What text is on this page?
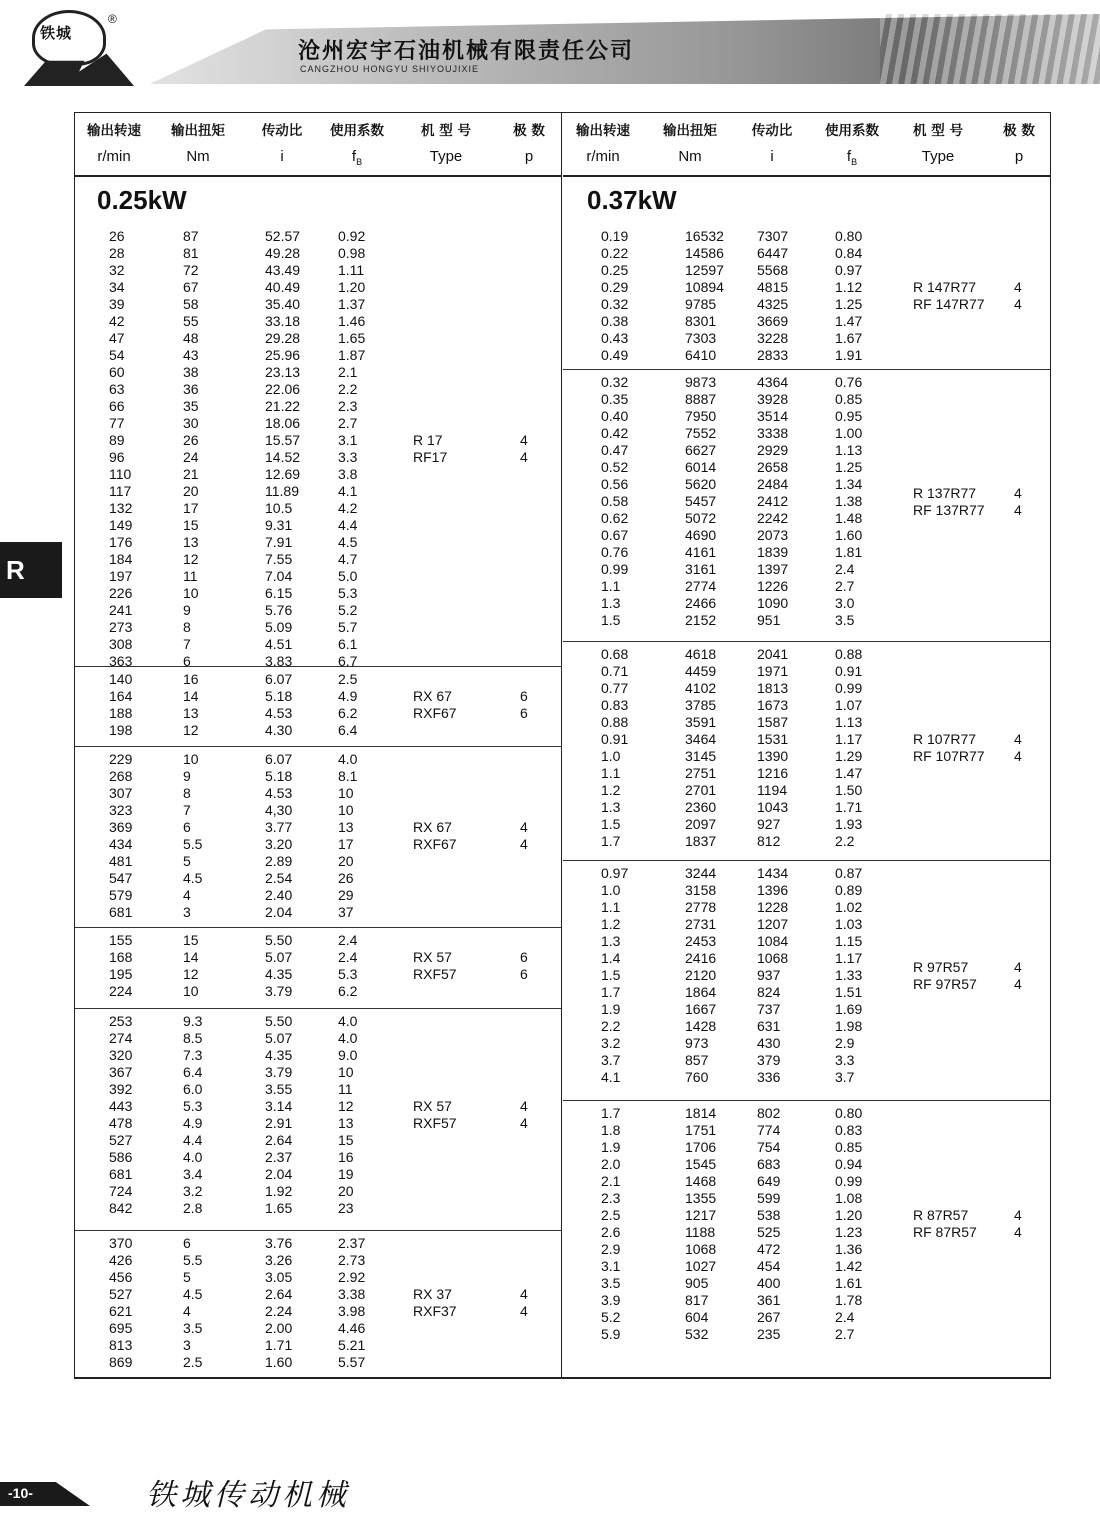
铁城
®
沧州宏宇石油机械有限责任公司
CANGZHOU HONGYU SHIYOUJIXIE
R
输出转速
r/min
输出扭矩
Nm
传动比
i
使用系数
$f_B$
机 型 号
Type
极 数
p
0.25kW
26	87	52.57	0.92
28	81	49.28	0.98
32	72	43.49	1.11
34	67	40.49	1.20
39	58	35.40	1.37
42	55	33.18	1.46
47	48	29.28	1.65
54	43	25.96	1.87
60	38	23.13	2.1
63	36	22.06	2.2
66	35	21.22	2.3
77	30	18.06	2.7
89	26	15.57	3.1
96	24	14.52	3.3
110	21	12.69	3.8
117	20	11.89	4.1
132	17	10.5	4.2
149	15	9.31	4.4
176	13	7.91	4.5
184	12	7.55	4.7
197	11	7.04	5.0
226	10	6.15	5.3
241	9	5.76	5.2
273	8	5.09	5.7
308	7	4.51	6.1
363	6	3.83	6.7
R 17
RF17
4
4
140	16	6.07	2.5
164	14	5.18	4.9
188	13	4.53	6.2
198	12	4.30	6.4
RX 67
RXF67
6
6
229	10	6.07	4.0
268	9	5.18	8.1
307	8	4.53	10
323	7	4,30	10
369	6	3.77	13
434	5.5	3.20	17
481	5	2.89	20
547	4.5	2.54	26
579	4	2.40	29
681	3	2.04	37
RX 67
RXF67
4
4
155	15	5.50	2.4
168	14	5.07	2.4
195	12	4.35	5.3
224	10	3.79	6.2
RX 57
RXF57
6
6
253	9.3	5.50	4.0
274	8.5	5.07	4.0
320	7.3	4.35	9.0
367	6.4	3.79	10
392	6.0	3.55	11
443	5.3	3.14	12
478	4.9	2.91	13
527	4.4	2.64	15
586	4.0	2.37	16
681	3.4	2.04	19
724	3.2	1.92	20
842	2.8	1.65	23
RX 57
RXF57
4
4
370	6	3.76	2.37
426	5.5	3.26	2.73
456	5	3.05	2.92
527	4.5	2.64	3.38
621	4	2.24	3.98
695	3.5	2.00	4.46
813	3	1.71	5.21
869	2.5	1.60	5.57
RX 37
RXF37
4
4
输出转速
r/min
输出扭矩
Nm
传动比
i
使用系数
$f_B$
机 型 号
Type
极 数
p
0.37kW
0.19	16532 7307	0.80
0.22	14586 6447	0.84
0.25	12597 5568	0.97
0.29	10894 4815	1.12
0.32	9785	4325	1.25
0.38	8301	3669	1.47
0.43	7303	3228	1.67
0.49	6410	2833	1.91
R 147R77
RF 147R77
4
4
0.32	9873	4364	0.76
0.35	8887	3928	0.85
0.40	7950	3514	0.95
0.42	7552	3338	1.00
0.47	6627	2929	1.13
0.52	6014	2658	1.25
0.56	5620	2484	1.34
0.58	5457	2412	1.38
0.62	5072	2242	1.48
0.67	4690	2073	1.60
0.76	4161	1839	1.81
0.99	3161	1397	2.4
1.1	2774	1226	2.7
1.3	2466	1090	3.0
1.5	2152	951	3.5
R 137R77
RF 137R77
4
4
0.68	4618	2041	0.88
0.71	4459	1971	0.91
0.77	4102	1813	0.99
0.83	3785	1673	1.07
0.88	3591	1587	1.13
0.91	3464	1531	1.17
1.0	3145	1390	1.29
1.1	2751	1216	1.47
1.2	2701	1194	1.50
1.3	2360	1043	1.71
1.5	2097	927	1.93
1.7	1837	812	2.2
R 107R77
RF 107R77
4
4
0.97	3244	1434	0.87
1.0	3158	1396	0.89
1.1	2778	1228	1.02
1.2	2731	1207	1.03
1.3	2453	1084	1.15
1.4	2416	1068	1.17
1.5	2120	937	1.33
1.7	1864	824	1.51
1.9	1667	737	1.69
2.2	1428	631	1.98
3.2	973	430	2.9
3.7	857	379	3.3
4.1	760	336	3.7
R 97R57
RF 97R57
4
4
1.7	1814	802	0.80
1.8	1751	774	0.83
1.9	1706	754	0.85
2.0	1545	683	0.94
2.1	1468	649	0.99
2.3	1355	599	1.08
2.5	1217	538	1.20
2.6	1188	525	1.23
2.9	1068	472	1.36
3.1	1027	454	1.42
3.5	905	400	1.61
3.9	817	361	1.78
5.2	604	267	2.4
5.9	532	235	2.7
R 87R57
RF 87R57
4
4
-10-	铁城传动机械
